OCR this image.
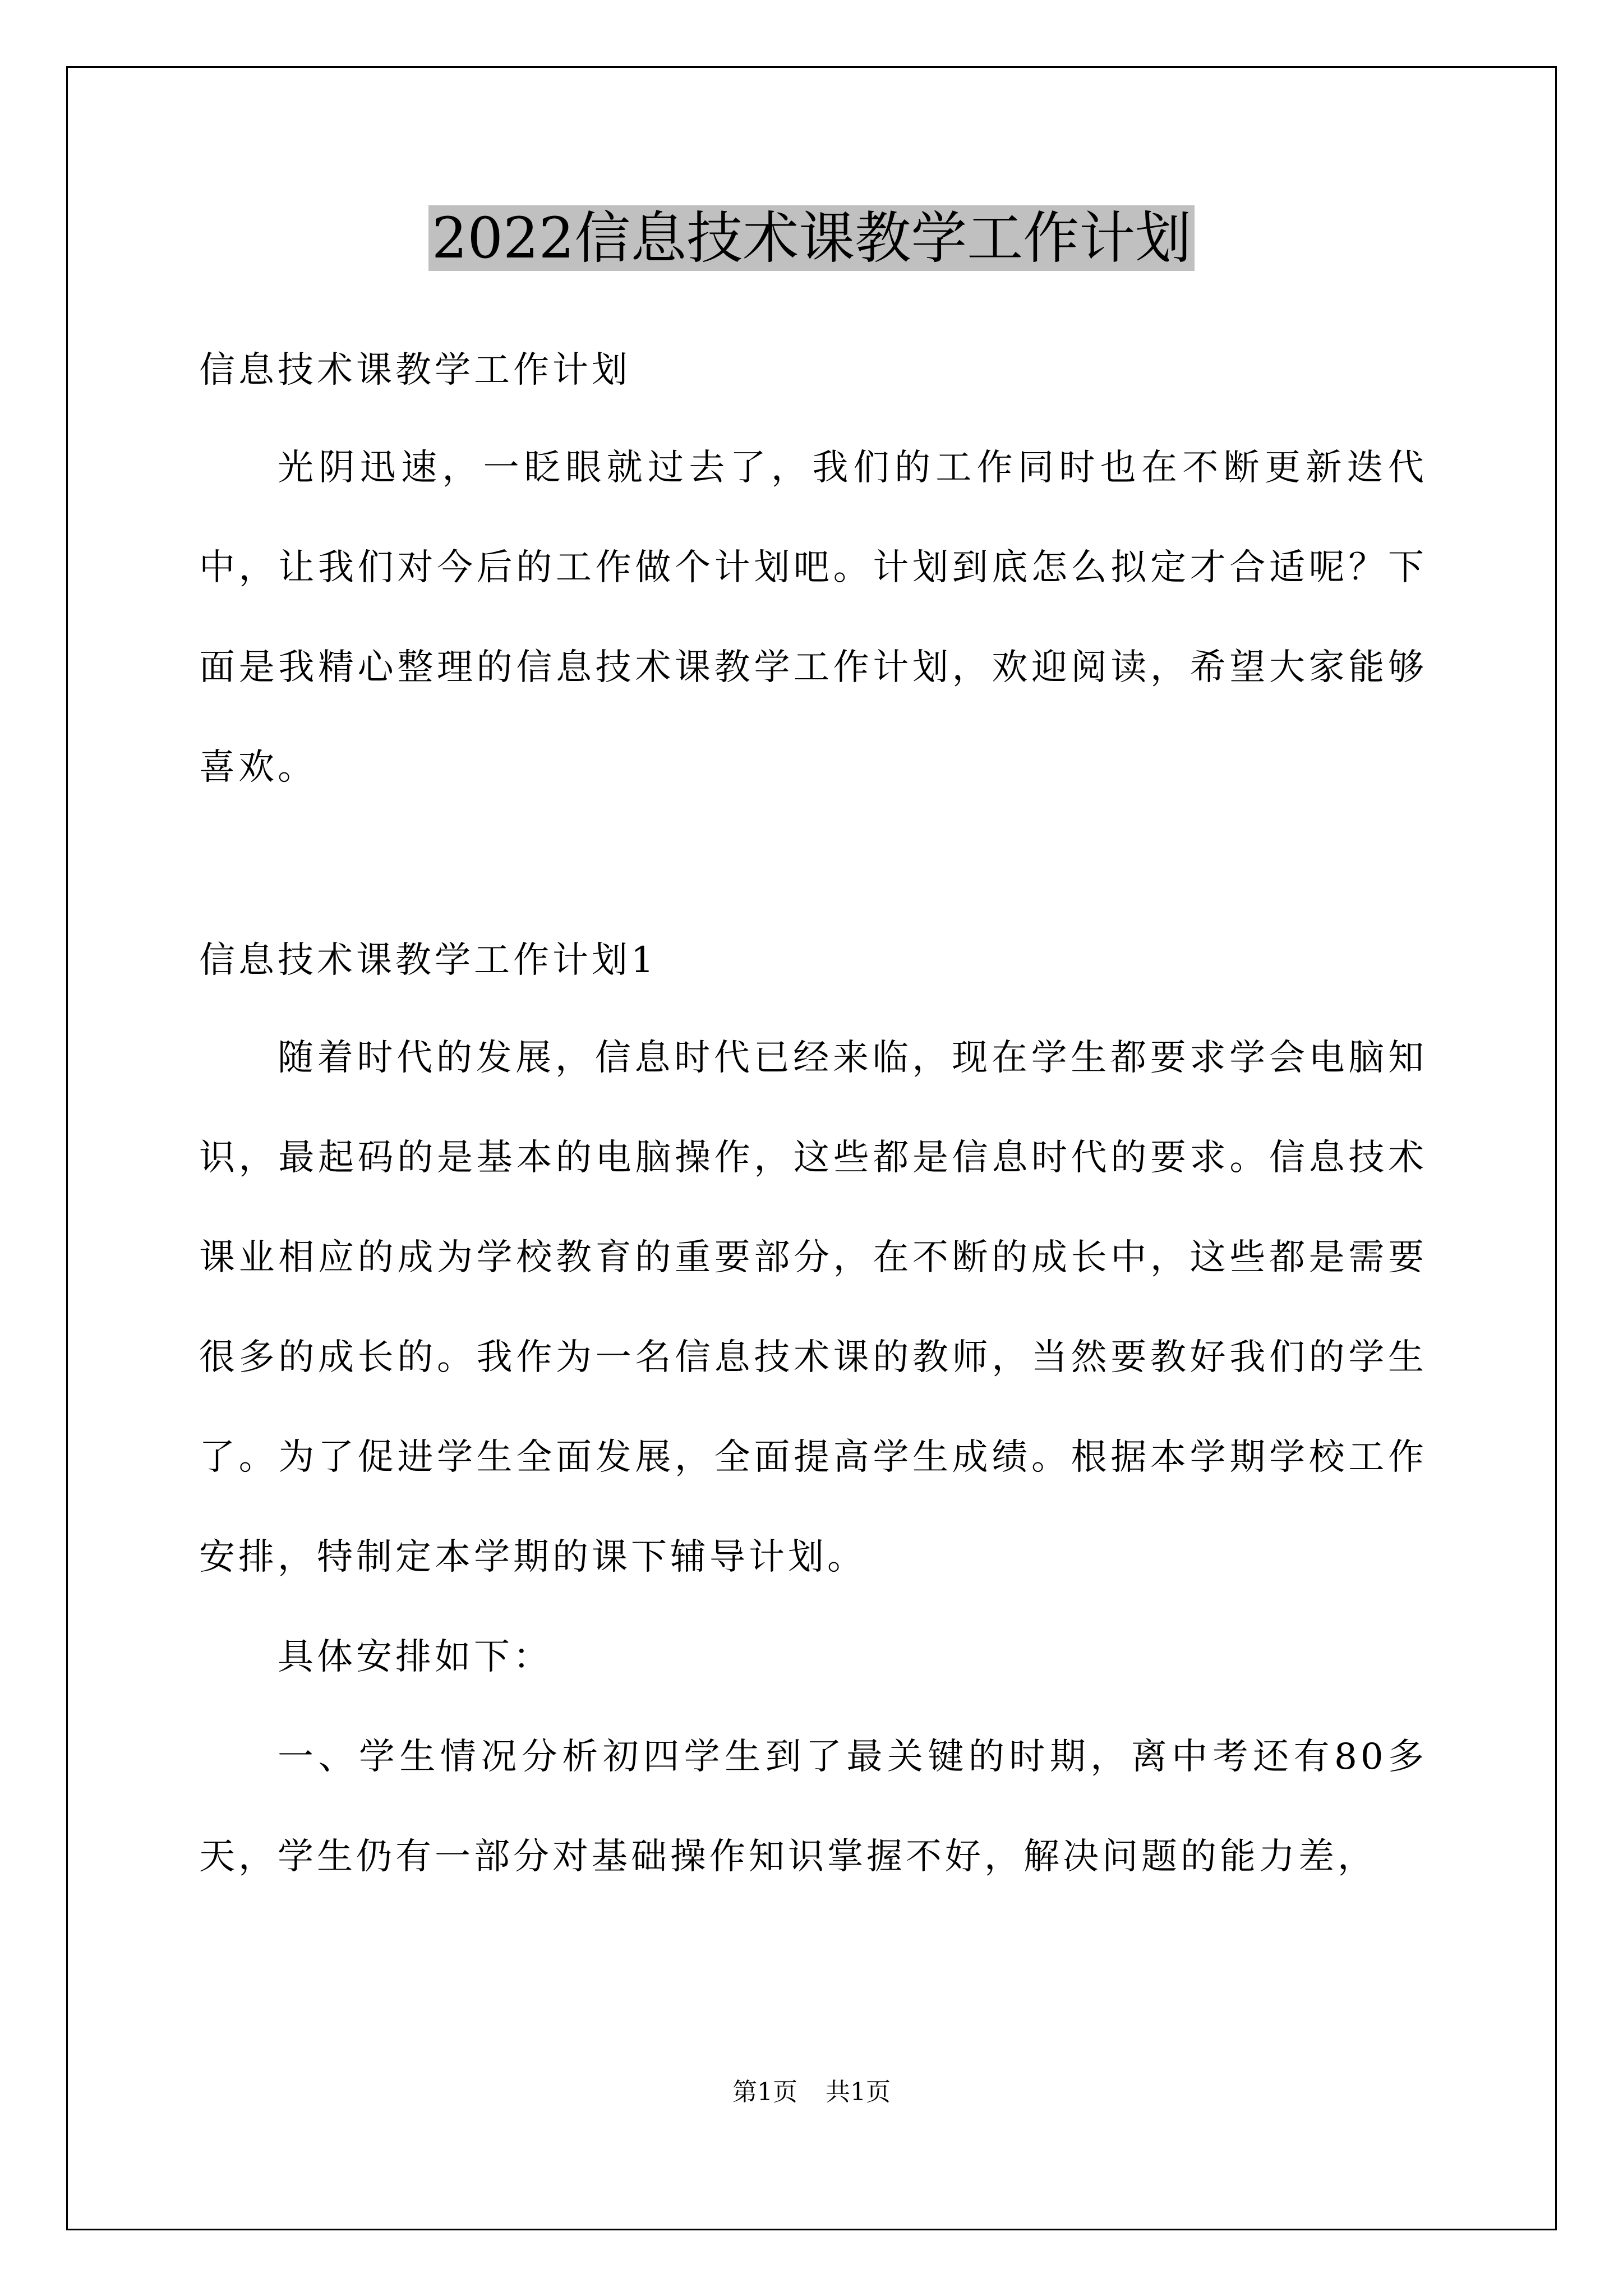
2022信息技术课教学工作计划

信息技术课教学工作计划

光阴迅速，一眨眼就过去了，我们的工作同时也在不断更新迭代中，让我们对今后的工作做个计划吧。计划到底怎么拟定才合适呢？下面是我精心整理的信息技术课教学工作计划，欢迎阅读，希望大家能够喜欢。

信息技术课教学工作计划1

随着时代的发展，信息时代已经来临，现在学生都要求学会电脑知识，最起码的是基本的电脑操作，这些都是信息时代的要求。信息技术课业相应的成为学校教育的重要部分，在不断的成长中，这些都是需要很多的成长的。我作为一名信息技术课的教师，当然要教好我们的学生了。为了促进学生全面发展，全面提高学生成绩。根据本学期学校工作安排，特制定本学期的课下辅导计划。

具体安排如下：

一、学生情况分析初四学生到了最关键的时期，离中考还有80多天，学生仍有一部分对基础操作知识掌握不好，解决问题的能力差，

第1页 共1页
